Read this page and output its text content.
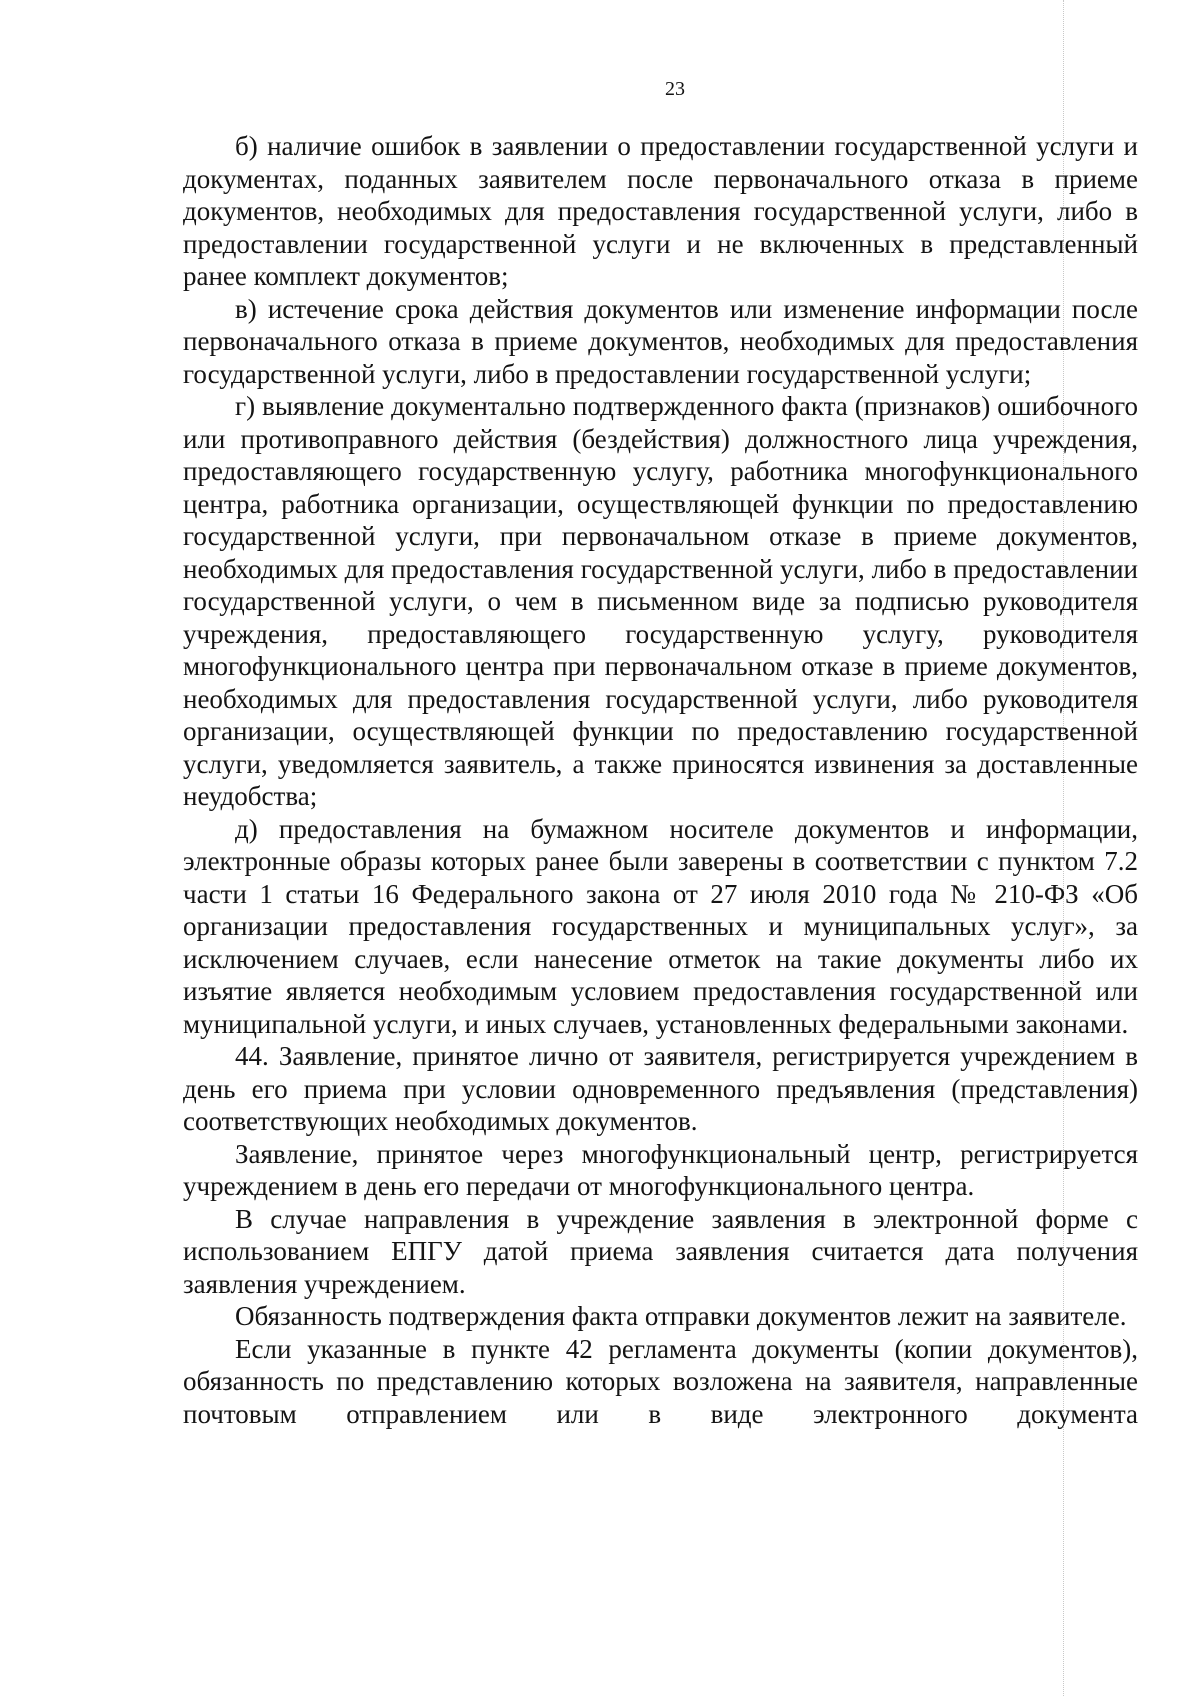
23

б) наличие ошибок в заявлении о предоставлении государственной услуги и документах, поданных заявителем после первоначального отказа в приеме документов, необходимых для предоставления государственной услуги, либо в предоставлении государственной услуги и не включенных в представленный ранее комплект документов;

в) истечение срока действия документов или изменение информации после первоначального отказа в приеме документов, необходимых для предоставления государственной услуги, либо в предоставлении государственной услуги;

г) выявление документально подтвержденного факта (признаков) ошибочного или противоправного действия (бездействия) должностного лица учреждения, предоставляющего государственную услугу, работника многофункционального центра, работника организации, осуществляющей функции по предоставлению государственной услуги, при первоначальном отказе в приеме документов, необходимых для предоставления государственной услуги, либо в предоставлении государственной услуги, о чем в письменном виде за подписью руководителя учреждения, предоставляющего государственную услугу, руководителя многофункционального центра при первоначальном отказе в приеме документов, необходимых для предоставления государственной услуги, либо руководителя организации, осуществляющей функции по предоставлению государственной услуги, уведомляется заявитель, а также приносятся извинения за доставленные неудобства;

д) предоставления на бумажном носителе документов и информации, электронные образы которых ранее были заверены в соответствии с пунктом 7.2 части 1 статьи 16 Федерального закона от 27 июля 2010 года № 210-ФЗ «Об организации предоставления государственных и муниципальных услуг», за исключением случаев, если нанесение отметок на такие документы либо их изъятие является необходимым условием предоставления государственной или муниципальной услуги, и иных случаев, установленных федеральными законами.

44. Заявление, принятое лично от заявителя, регистрируется учреждением в день его приема при условии одновременного предъявления (представления) соответствующих необходимых документов.

Заявление, принятое через многофункциональный центр, регистрируется учреждением в день его передачи от многофункционального центра.

В случае направления в учреждение заявления в электронной форме с использованием ЕПГУ датой приема заявления считается дата получения заявления учреждением.

Обязанность подтверждения факта отправки документов лежит на заявителе.

Если указанные в пункте 42 регламента документы (копии документов), обязанность по представлению которых возложена на заявителя, направленные почтовым отправлением или в виде электронного документа
